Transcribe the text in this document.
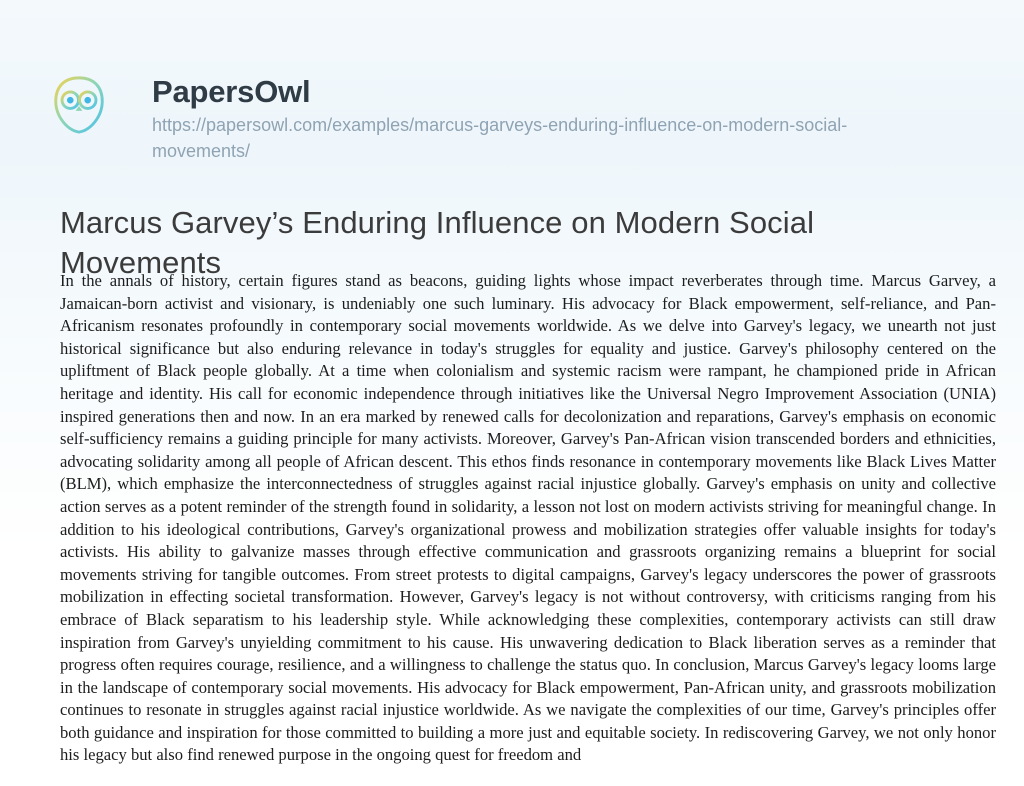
PapersOwl
https://papersowl.com/examples/marcus-garveys-enduring-influence-on-modern-social-movements/
Marcus Garvey’s Enduring Influence on Modern Social Movements

In the annals of history, certain figures stand as beacons, guiding lights whose impact reverberates through time. Marcus Garvey, a Jamaican-born activist and visionary, is undeniably one such luminary. His advocacy for Black empowerment, self-reliance, and Pan-Africanism resonates profoundly in contemporary social movements worldwide. As we delve into Garvey's legacy, we unearth not just historical significance but also enduring relevance in today's struggles for equality and justice. Garvey's philosophy centered on the upliftment of Black people globally. At a time when colonialism and systemic racism were rampant, he championed pride in African heritage and identity. His call for economic independence through initiatives like the Universal Negro Improvement Association (UNIA) inspired generations then and now. In an era marked by renewed calls for decolonization and reparations, Garvey's emphasis on economic self-sufficiency remains a guiding principle for many activists. Moreover, Garvey's Pan-African vision transcended borders and ethnicities, advocating solidarity among all people of African descent. This ethos finds resonance in contemporary movements like Black Lives Matter (BLM), which emphasize the interconnectedness of struggles against racial injustice globally. Garvey's emphasis on unity and collective action serves as a potent reminder of the strength found in solidarity, a lesson not lost on modern activists striving for meaningful change. In addition to his ideological contributions, Garvey's organizational prowess and mobilization strategies offer valuable insights for today's activists. His ability to galvanize masses through effective communication and grassroots organizing remains a blueprint for social movements striving for tangible outcomes. From street protests to digital campaigns, Garvey's legacy underscores the power of grassroots mobilization in effecting societal transformation. However, Garvey's legacy is not without controversy, with criticisms ranging from his embrace of Black separatism to his leadership style. While acknowledging these complexities, contemporary activists can still draw inspiration from Garvey's unyielding commitment to his cause. His unwavering dedication to Black liberation serves as a reminder that progress often requires courage, resilience, and a willingness to challenge the status quo. In conclusion, Marcus Garvey's legacy looms large in the landscape of contemporary social movements. His advocacy for Black empowerment, Pan-African unity, and grassroots mobilization continues to resonate in struggles against racial injustice worldwide. As we navigate the complexities of our time, Garvey's principles offer both guidance and inspiration for those committed to building a more just and equitable society. In rediscovering Garvey, we not only honor his legacy but also find renewed purpose in the ongoing quest for freedom and
